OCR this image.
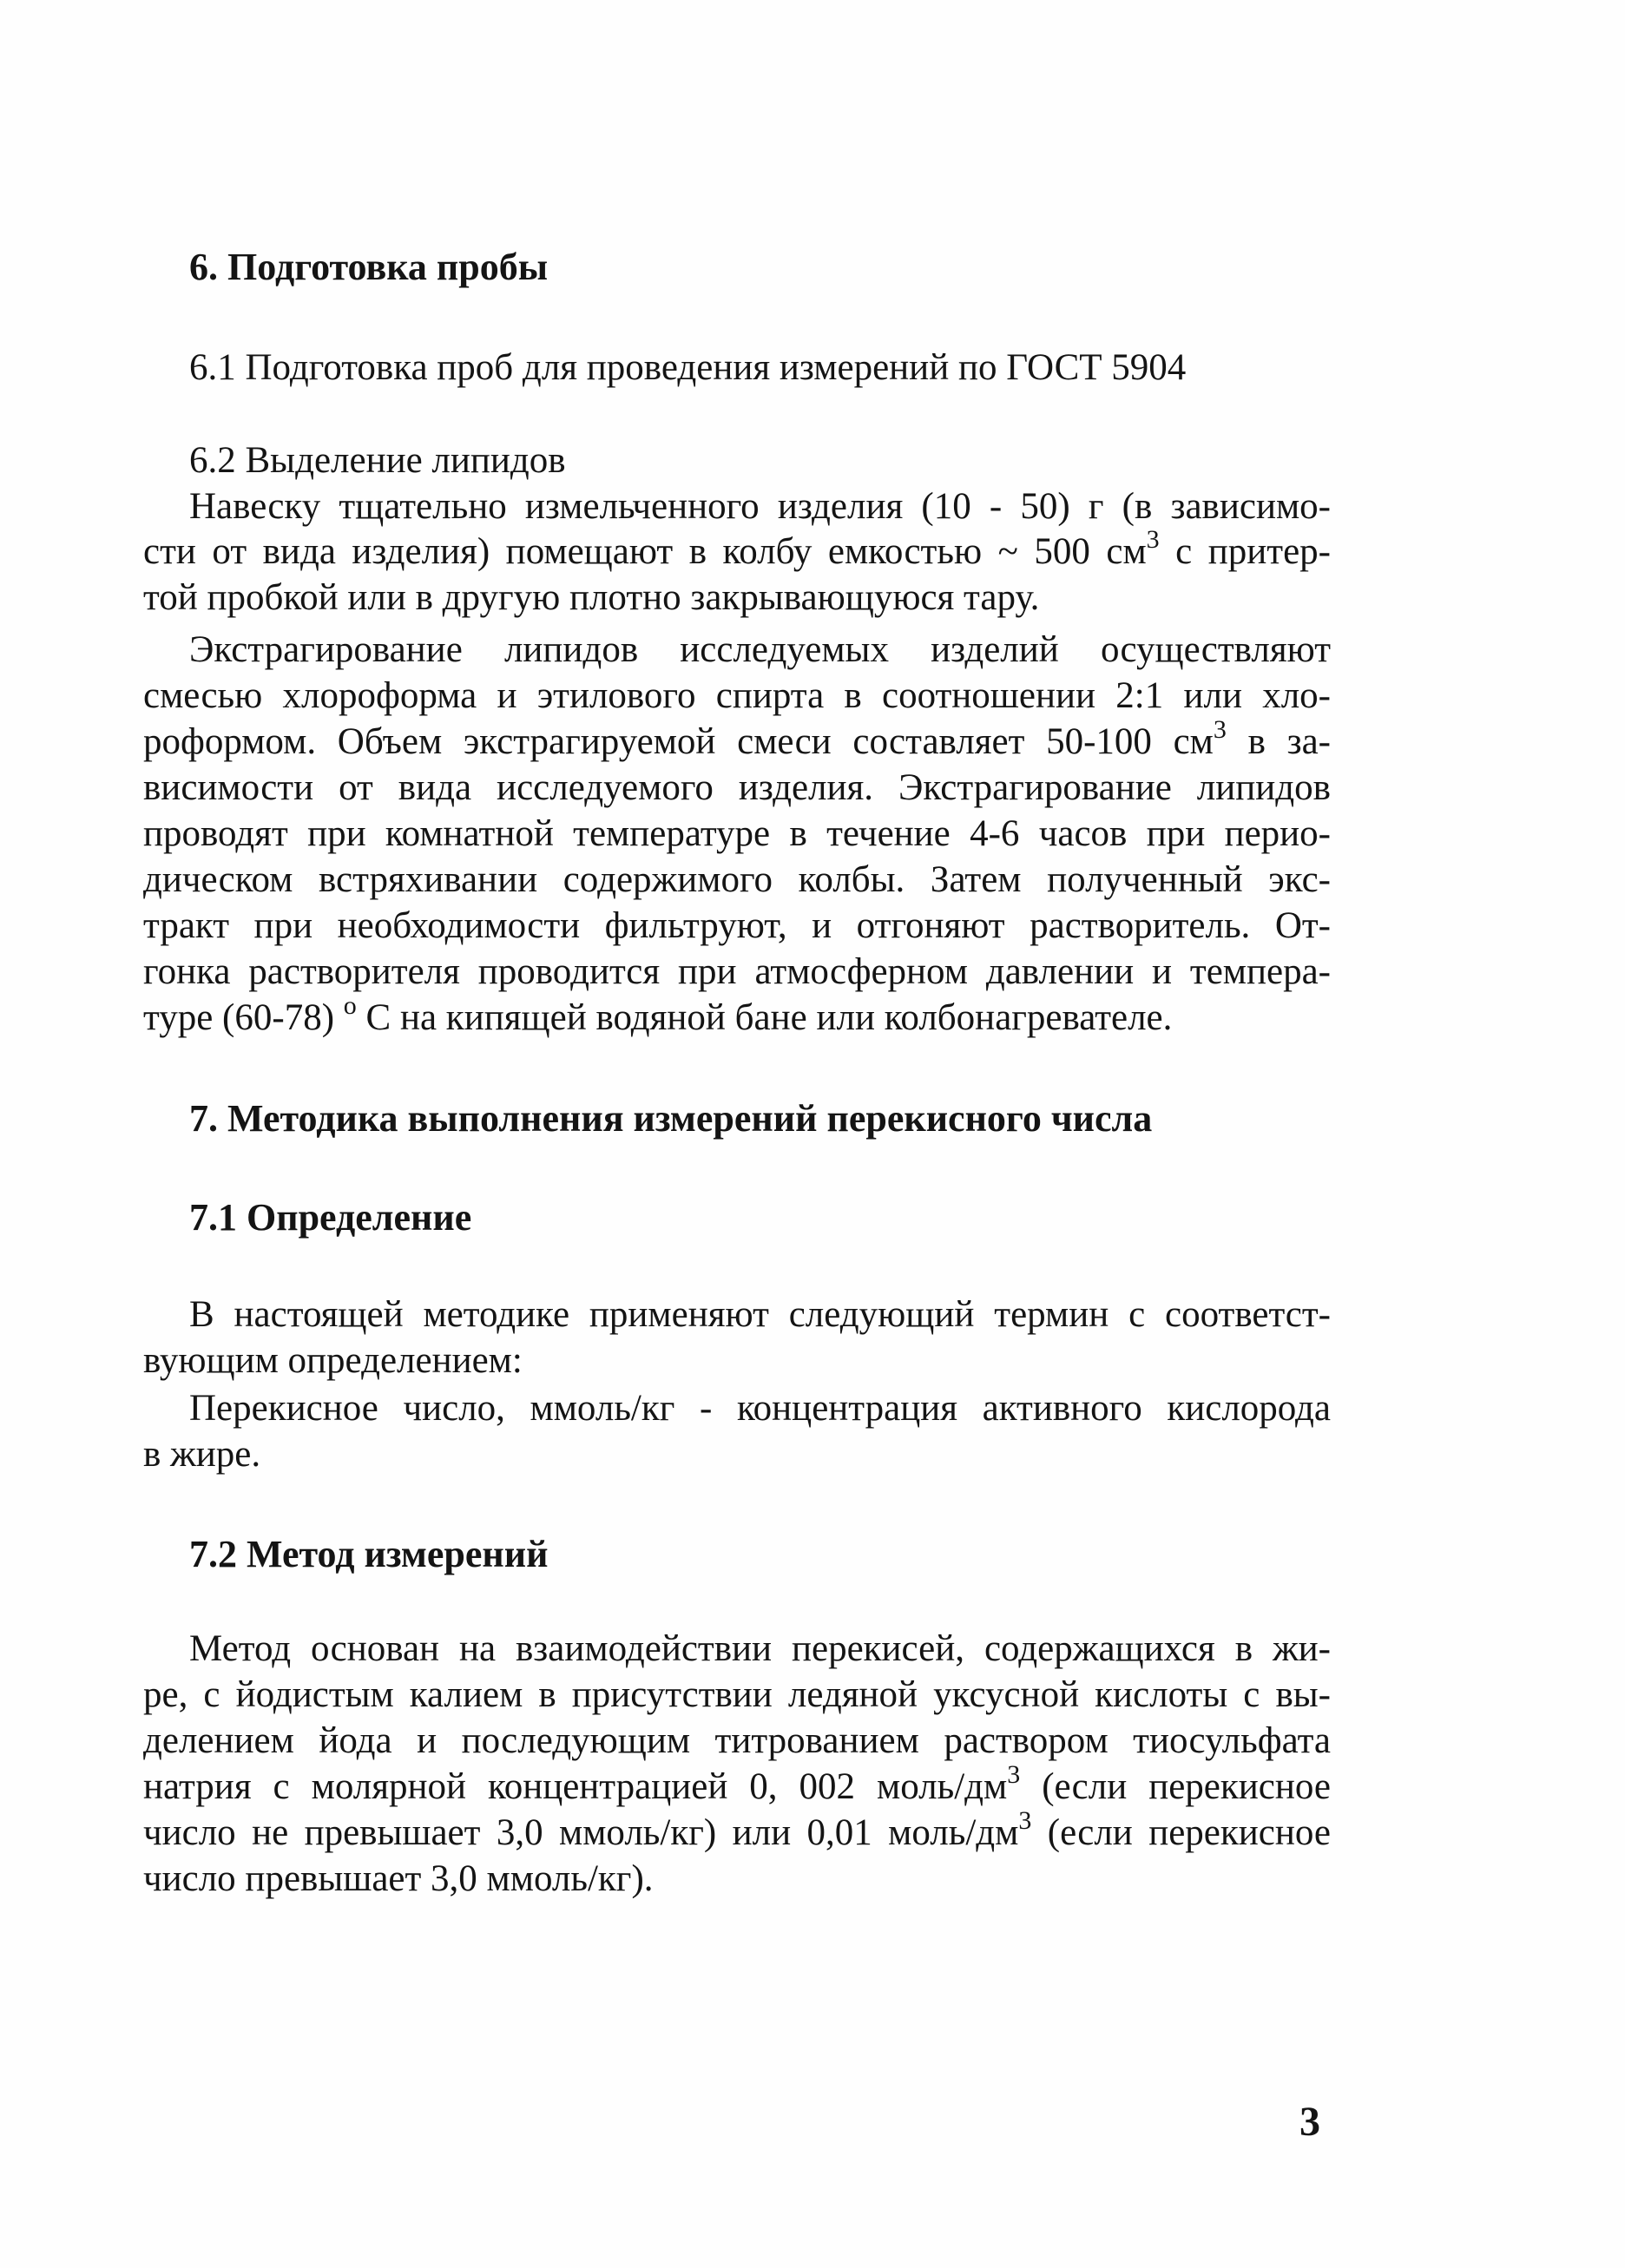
6. Подготовка пробы
6.1 Подготовка проб для проведения измерений по ГОСТ 5904
6.2 Выделение липидов
Навеску тщательно измельченного изделия (10 - 50) г (в зависимо-
сти от вида изделия) помещают в колбу емкостью ~ 500 $см^3$ с притер-
той пробкой или в другую плотно закрывающуюся тару.
Экстрагирование липидов исследуемых изделий осуществляют
смесью хлороформа и этилового спирта в соотношении 2:1 или хло-
роформом. Объем экстрагируемой смеси составляет 50-100 $см^3$ в за-
висимости от вида исследуемого изделия. Экстрагирование липидов
проводят при комнатной температуре в течение 4-6 часов при перио-
дическом встряхивании содержимого колбы. Затем полученный экс-
тракт при необходимости фильтруют, и отгоняют растворитель. От-
гонка растворителя проводится при атмосферном давлении и темпера-
туре (60-78) $^о$ С на кипящей водяной бане или колбонагревателе.
7. Методика выполнения измерений перекисного числа
7.1 Определение
В настоящей методике применяют следующий термин с соответст-
вующим определением:
Перекисное число, ммоль/кг - концентрация активного кислорода
в жире.
7.2 Метод измерений
Метод основан на взаимодействии перекисей, содержащихся в жи-
ре, с йодистым калием в присутствии ледяной уксусной кислоты с вы-
делением йода и последующим титрованием раствором тиосульфата
натрия с молярной концентрацией 0, 002 моль/$дм^3$ (если перекисное
число не превышает 3,0 ммоль/кг) или 0,01 моль/$дм^3$ (если перекисное
число превышает 3,0 ммоль/кг).
3
